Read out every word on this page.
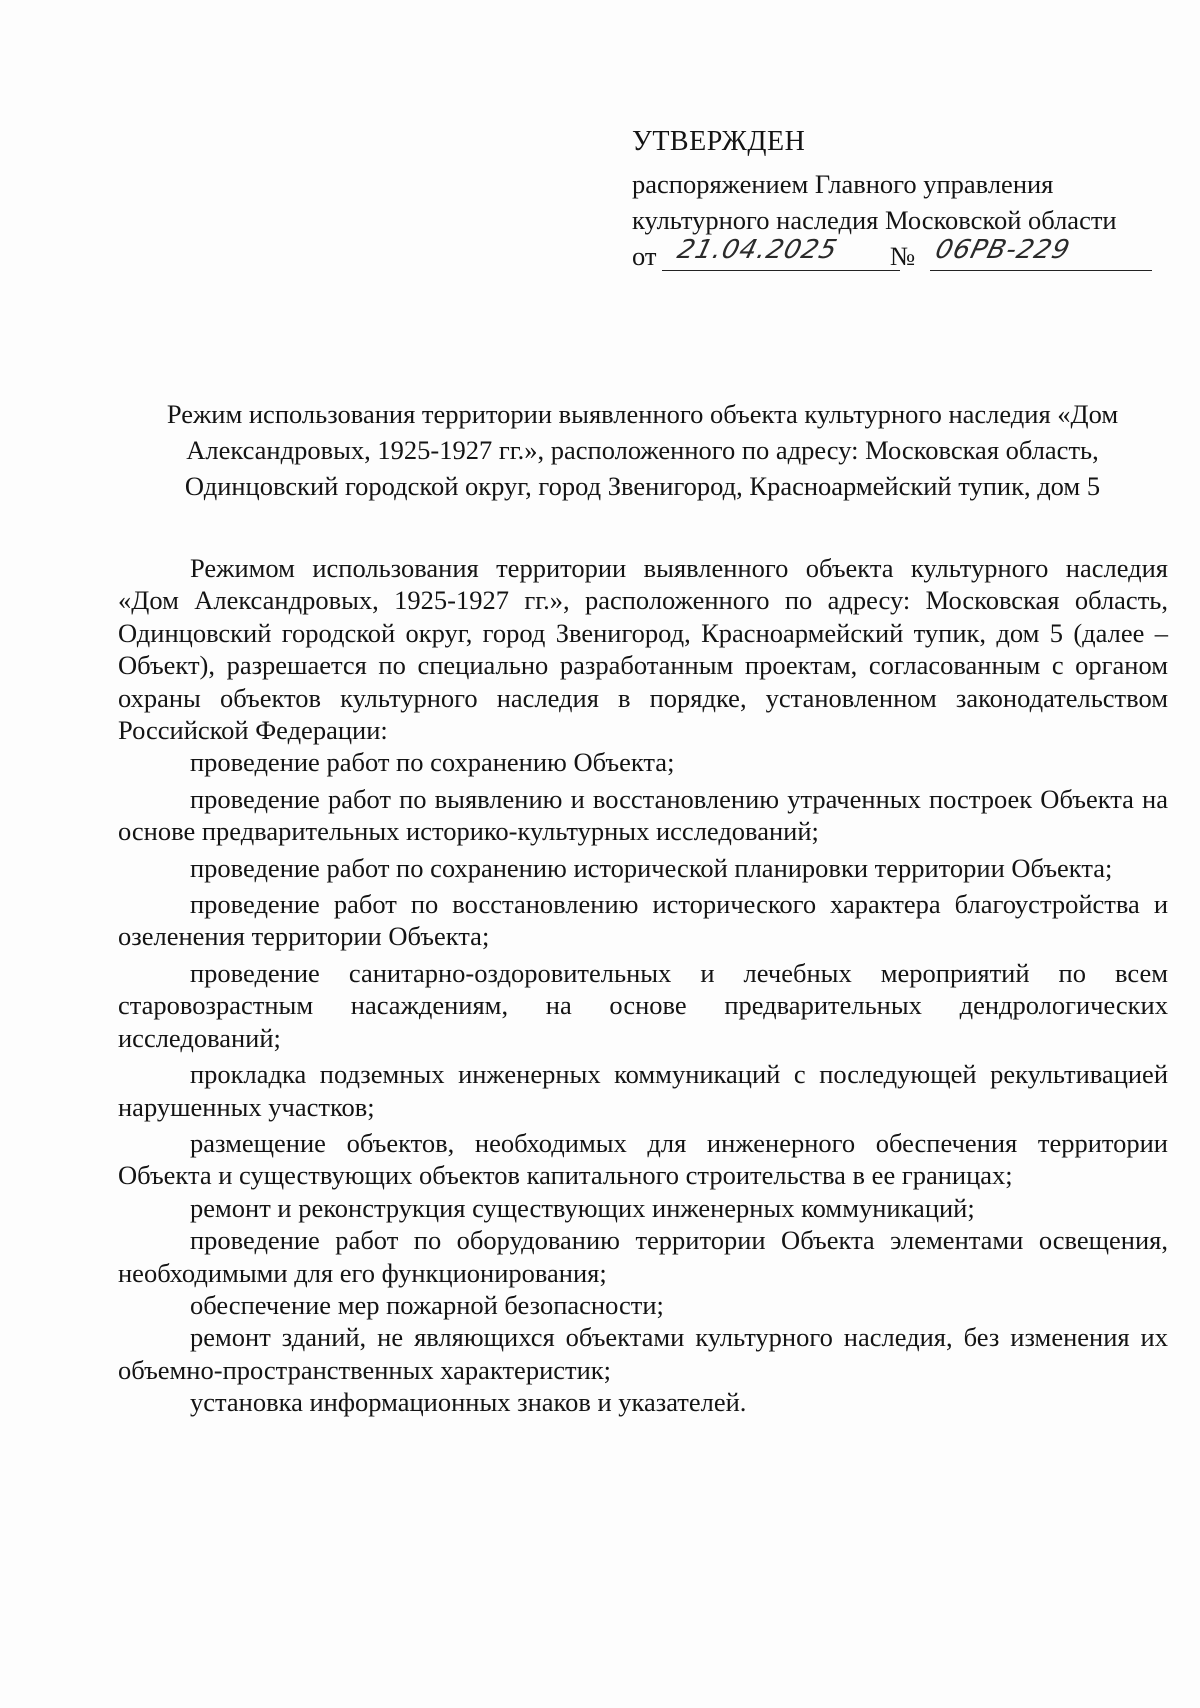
УТВЕРЖДЕН
распоряжением Главного управления
культурного наследия Московской области
от 21.04.2025 № 06РВ-229
Режим использования территории выявленного объекта культурного наследия «Дом Александровых, 1925-1927 гг.», расположенного по адресу: Московская область, Одинцовский городской округ, город Звенигород, Красноармейский тупик, дом 5

Режимом использования территории выявленного объекта культурного наследия «Дом Александровых, 1925-1927 гг.», расположенного по адресу: Московская область, Одинцовский городской округ, город Звенигород, Красноармейский тупик, дом 5 (далее – Объект), разрешается по специально разработанным проектам, согласованным с органом охраны объектов культурного наследия в порядке, установленном законодательством Российской Федерации:

проведение работ по сохранению Объекта;
проведение работ по выявлению и восстановлению утраченных построек Объекта на основе предварительных историко-культурных исследований;
проведение работ по сохранению исторической планировки территории Объекта;
проведение работ по восстановлению исторического характера благоустройства и озеленения территории Объекта;
проведение санитарно-оздоровительных и лечебных мероприятий по всем старовозрастным насаждениям, на основе предварительных дендрологических исследований;
прокладка подземных инженерных коммуникаций с последующей рекультивацией нарушенных участков;
размещение объектов, необходимых для инженерного обеспечения территории Объекта и существующих объектов капитального строительства в ее границах;
ремонт и реконструкция существующих инженерных коммуникаций;
проведение работ по оборудованию территории Объекта элементами освещения, необходимыми для его функционирования;
обеспечение мер пожарной безопасности;
ремонт зданий, не являющихся объектами культурного наследия, без изменения их объемно-пространственных характеристик;
установка информационных знаков и указателей.
